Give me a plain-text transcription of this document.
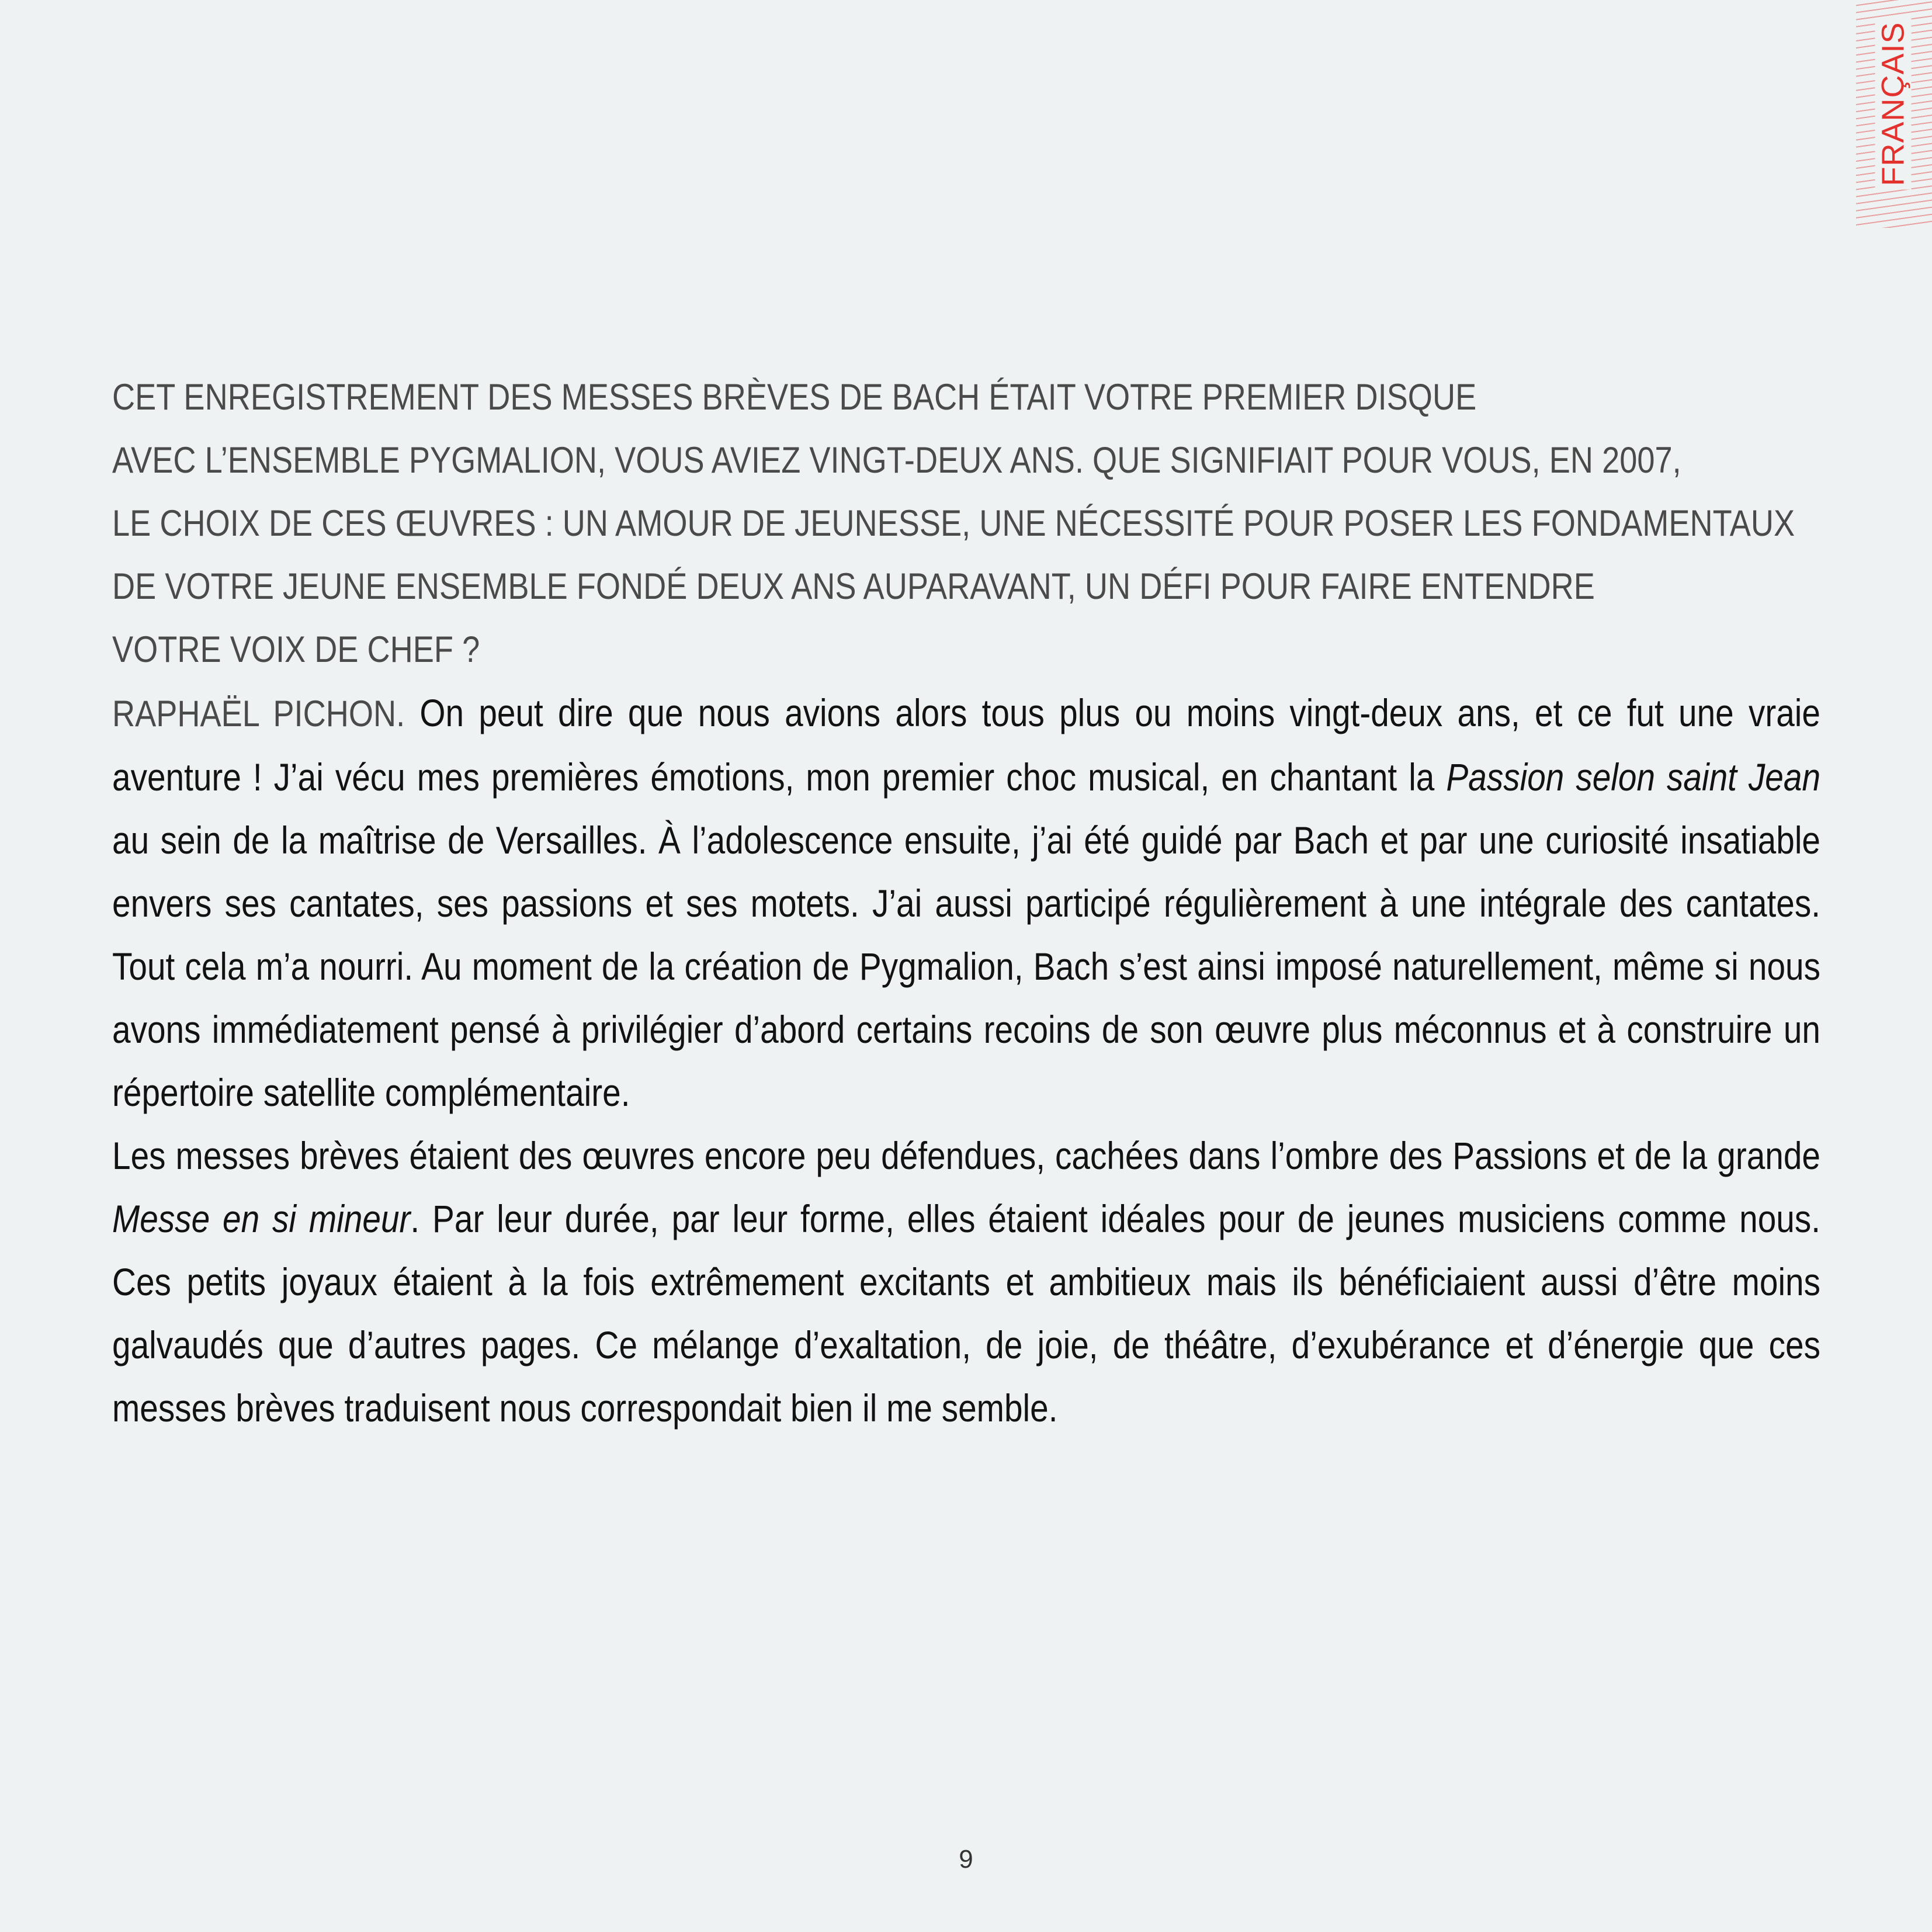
FRANÇAIS

CET ENREGISTREMENT DES MESSES BRÈVES DE BACH ÉTAIT VOTRE PREMIER DISQUE
AVEC L’ENSEMBLE PYGMALION, VOUS AVIEZ VINGT-DEUX ANS. QUE SIGNIFIAIT POUR VOUS, EN 2007,
LE CHOIX DE CES ŒUVRES : UN AMOUR DE JEUNESSE, UNE NÉCESSITÉ POUR POSER LES FONDAMENTAUX
DE VOTRE JEUNE ENSEMBLE FONDÉ DEUX ANS AUPARAVANT, UN DÉFI POUR FAIRE ENTENDRE
VOTRE VOIX DE CHEF ?

RAPHAËL PICHON. On peut dire que nous avions alors tous plus ou moins vingt-deux ans, et ce fut une vraie aventure ! J’ai vécu mes premières émotions, mon premier choc musical, en chantant la Passion selon saint Jean au sein de la maîtrise de Versailles. À l’adolescence ensuite, j’ai été guidé par Bach et par une curiosité insatiable envers ses cantates, ses passions et ses motets. J’ai aussi participé régulièrement à une intégrale des cantates. Tout cela m’a nourri. Au moment de la création de Pygmalion, Bach s’est ainsi imposé naturellement, même si nous avons immédiatement pensé à privilégier d’abord certains recoins de son œuvre plus méconnus et à construire un répertoire satellite complémentaire.

Les messes brèves étaient des œuvres encore peu défendues, cachées dans l’ombre des Passions et de la grande Messe en si mineur. Par leur durée, par leur forme, elles étaient idéales pour de jeunes musiciens comme nous. Ces petits joyaux étaient à la fois extrêmement excitants et ambitieux mais ils bénéficiaient aussi d’être moins galvaudés que d’autres pages. Ce mélange d’exaltation, de joie, de théâtre, d’exubérance et d’énergie que ces messes brèves traduisent nous correspondait bien il me semble.

9
